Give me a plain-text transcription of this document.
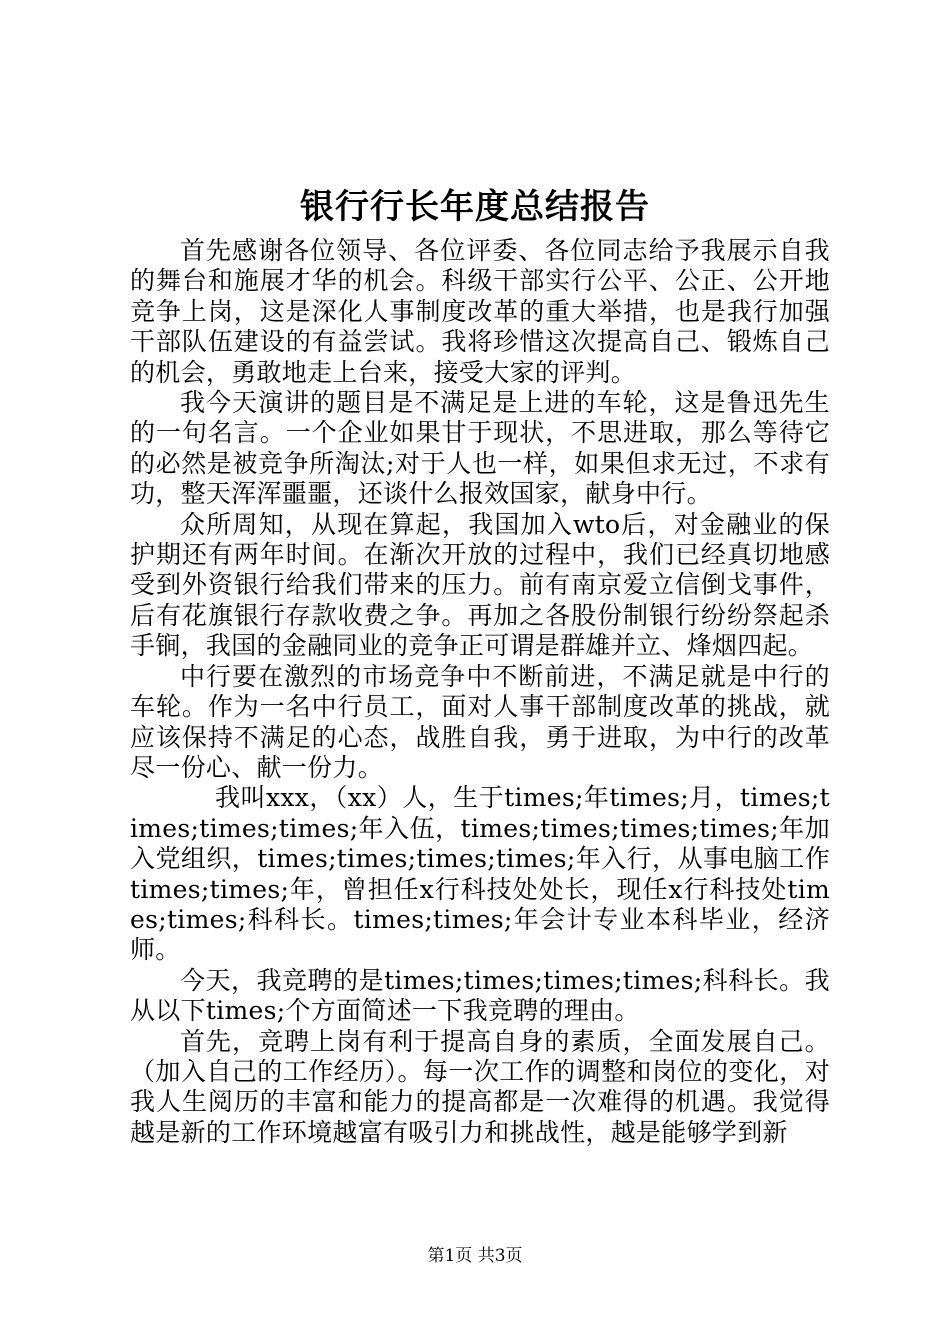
银行行长年度总结报告

首先感谢各位领导、各位评委、各位同志给予我展示自我的舞台和施展才华的机会。科级干部实行公平、公正、公开地竞争上岗，这是深化人事制度改革的重大举措，也是我行加强干部队伍建设的有益尝试。我将珍惜这次提高自己、锻炼自己的机会，勇敢地走上台来，接受大家的评判。

我今天演讲的题目是不满足是上进的车轮，这是鲁迅先生的一句名言。一个企业如果甘于现状，不思进取，那么等待它的必然是被竞争所淘汰;对于人也一样，如果但求无过，不求有功，整天浑浑噩噩，还谈什么报效国家，献身中行。

众所周知，从现在算起，我国加入wto后，对金融业的保护期还有两年时间。在渐次开放的过程中，我们已经真切地感受到外资银行给我们带来的压力。前有南京爱立信倒戈事件，后有花旗银行存款收费之争。再加之各股份制银行纷纷祭起杀手锏，我国的金融同业的竞争正可谓是群雄并立、烽烟四起。

中行要在激烈的市场竞争中不断前进，不满足就是中行的车轮。作为一名中行员工，面对人事干部制度改革的挑战，就应该保持不满足的心态，战胜自我，勇于进取，为中行的改革尽一份心、献一份力。

我叫xxx，（xx）人，生于times;年times;月，times;times;times;times;年入伍，times;times;times;times;年加入党组织，times;times;times;times;年入行，从事电脑工作times;times;年，曾担任x行科技处处长，现任x行科技处times;times;科科长。times;times;年会计专业本科毕业，经济师。

今天，我竞聘的是times;times;times;times;科科长。我从以下times;个方面简述一下我竞聘的理由。

首先，竞聘上岗有利于提高自身的素质，全面发展自己。（加入自己的工作经历）。每一次工作的调整和岗位的变化，对我人生阅历的丰富和能力的提高都是一次难得的机遇。我觉得越是新的工作环境越富有吸引力和挑战性，越是能够学到新

第1页 共3页
